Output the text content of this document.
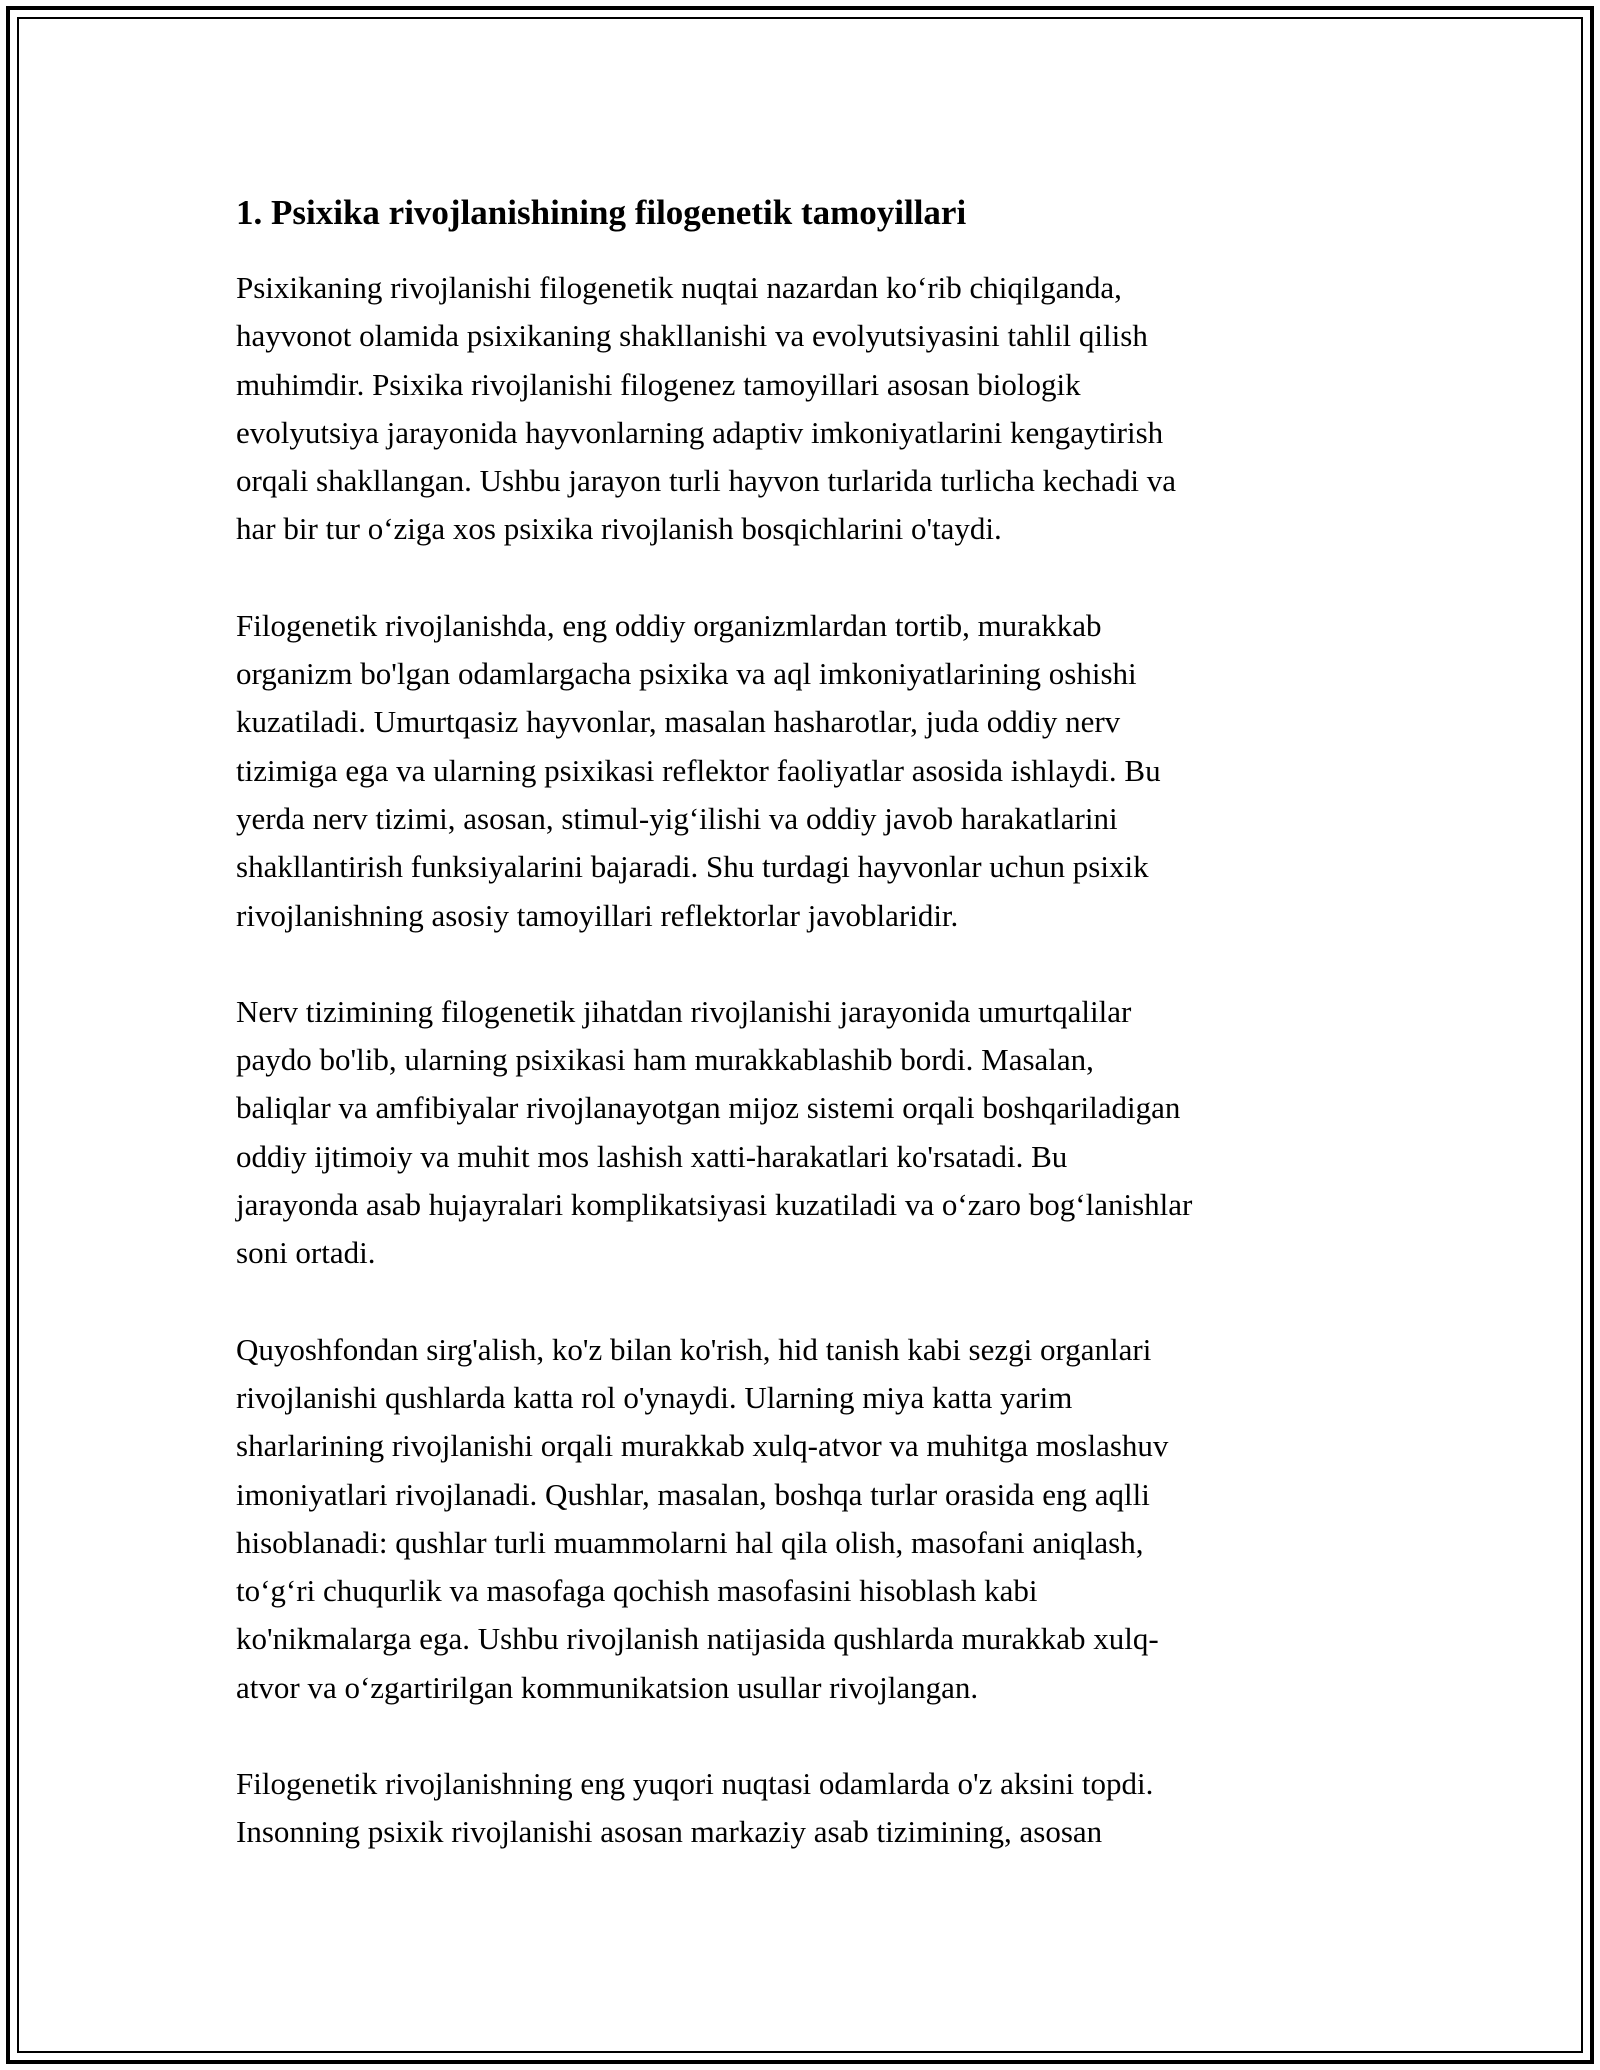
1. Psixika rivojlanishining filogenetik tamoyillari
Psixikaning rivojlanishi filogenetik nuqtai nazardan ko‘rib chiqilganda,
hayvonot olamida psixikaning shakllanishi va evolyutsiyasini tahlil qilish
muhimdir. Psixika rivojlanishi filogenez tamoyillari asosan biologik
evolyutsiya jarayonida hayvonlarning adaptiv imkoniyatlarini kengaytirish
orqali shakllangan. Ushbu jarayon turli hayvon turlarida turlicha kechadi va
har bir tur o‘ziga xos psixika rivojlanish bosqichlarini o'taydi.
Filogenetik rivojlanishda, eng oddiy organizmlardan tortib, murakkab
organizm bo'lgan odamlargacha psixika va aql imkoniyatlarining oshishi
kuzatiladi. Umurtqasiz hayvonlar, masalan hasharotlar, juda oddiy nerv
tizimiga ega va ularning psixikasi reflektor faoliyatlar asosida ishlaydi. Bu
yerda nerv tizimi, asosan, stimul-yig‘ilishi va oddiy javob harakatlarini
shakllantirish funksiyalarini bajaradi. Shu turdagi hayvonlar uchun psixik
rivojlanishning asosiy tamoyillari reflektorlar javoblaridir.
Nerv tizimining filogenetik jihatdan rivojlanishi jarayonida umurtqalilar
paydo bo'lib, ularning psixikasi ham murakkablashib bordi. Masalan,
baliqlar va amfibiyalar rivojlanayotgan mijoz sistemi orqali boshqariladigan
oddiy ijtimoiy va muhit mos lashish xatti-harakatlari ko'rsatadi. Bu
jarayonda asab hujayralari komplikatsiyasi kuzatiladi va o‘zaro bog‘lanishlar
soni ortadi.
Quyoshfondan sirg'alish, ko'z bilan ko'rish, hid tanish kabi sezgi organlari
rivojlanishi qushlarda katta rol o'ynaydi. Ularning miya katta yarim
sharlarining rivojlanishi orqali murakkab xulq-atvor va muhitga moslashuv
imoniyatlari rivojlanadi. Qushlar, masalan, boshqa turlar orasida eng aqlli
hisoblanadi: qushlar turli muammolarni hal qila olish, masofani aniqlash,
to‘g‘ri chuqurlik va masofaga qochish masofasini hisoblash kabi
ko'nikmalarga ega. Ushbu rivojlanish natijasida qushlarda murakkab xulq-
atvor va o‘zgartirilgan kommunikatsion usullar rivojlangan.
Filogenetik rivojlanishning eng yuqori nuqtasi odamlarda o'z aksini topdi.
Insonning psixik rivojlanishi asosan markaziy asab tizimining, asosan
